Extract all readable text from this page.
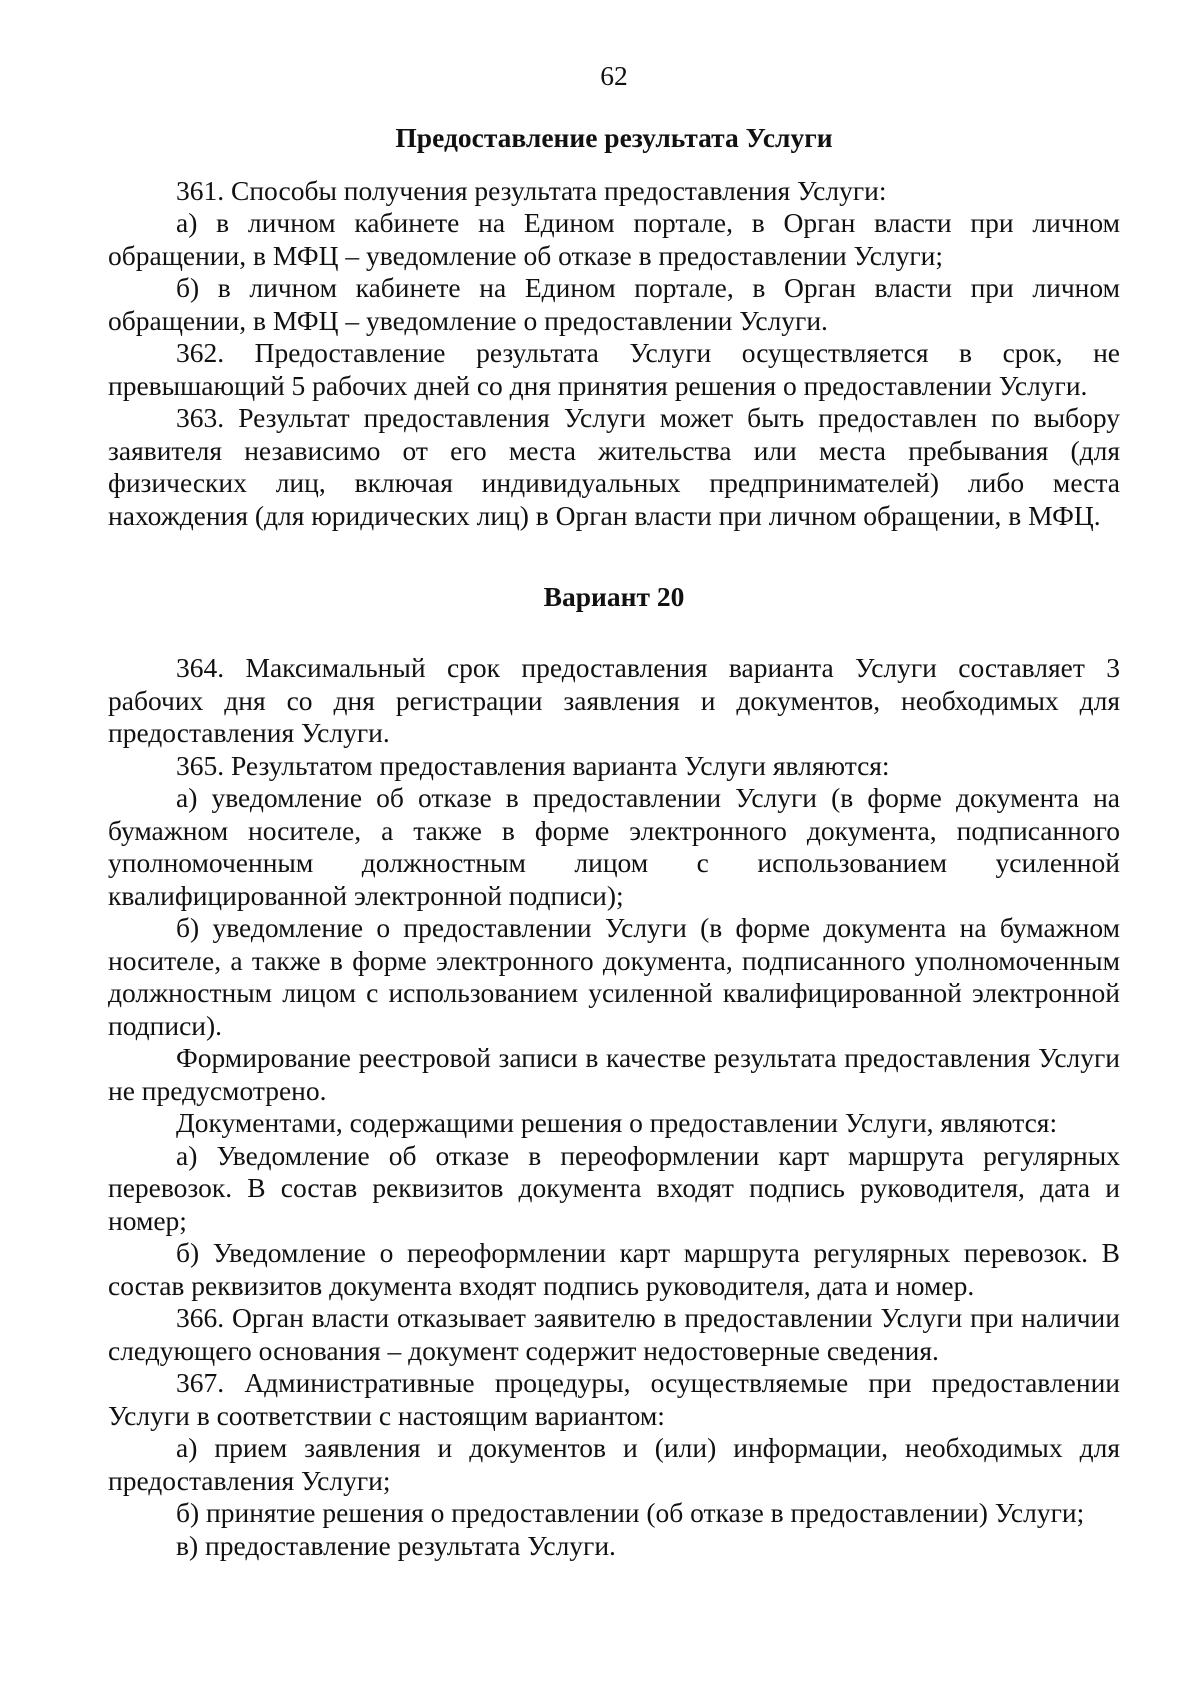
62
Предоставление результата Услуги

361. Способы получения результата предоставления Услуги:

а) в личном кабинете на Едином портале, в Орган власти при личном обращении, в МФЦ – уведомление об отказе в предоставлении Услуги;

б) в личном кабинете на Едином портале, в Орган власти при личном обращении, в МФЦ – уведомление о предоставлении Услуги.

362. Предоставление результата Услуги осуществляется в срок, не превышающий 5 рабочих дней со дня принятия решения о предоставлении Услуги.

363. Результат предоставления Услуги может быть предоставлен по выбору заявителя независимо от его места жительства или места пребывания (для физических лиц, включая индивидуальных предпринимателей) либо места нахождения (для юридических лиц) в Орган власти при личном обращении, в МФЦ.

Вариант 20

364. Максимальный срок предоставления варианта Услуги составляет 3 рабочих дня со дня регистрации заявления и документов, необходимых для предоставления Услуги.

365. Результатом предоставления варианта Услуги являются:

а) уведомление об отказе в предоставлении Услуги (в форме документа на бумажном носителе, а также в форме электронного документа, подписанного уполномоченным должностным лицом с использованием усиленной квалифицированной электронной подписи);

б) уведомление о предоставлении Услуги (в форме документа на бумажном носителе, а также в форме электронного документа, подписанного уполномоченным должностным лицом с использованием усиленной квалифицированной электронной подписи).

Формирование реестровой записи в качестве результата предоставления Услуги не предусмотрено.

Документами, содержащими решения о предоставлении Услуги, являются:

а) Уведомление об отказе в переоформлении карт маршрута регулярных перевозок. В состав реквизитов документа входят подпись руководителя, дата и номер;

б) Уведомление о переоформлении карт маршрута регулярных перевозок. В состав реквизитов документа входят подпись руководителя, дата и номер.

366. Орган власти отказывает заявителю в предоставлении Услуги при наличии следующего основания – документ содержит недостоверные сведения.

367. Административные процедуры, осуществляемые при предоставлении Услуги в соответствии с настоящим вариантом:

а) прием заявления и документов и (или) информации, необходимых для предоставления Услуги;

б) принятие решения о предоставлении (об отказе в предоставлении) Услуги;

в) предоставление результата Услуги.
